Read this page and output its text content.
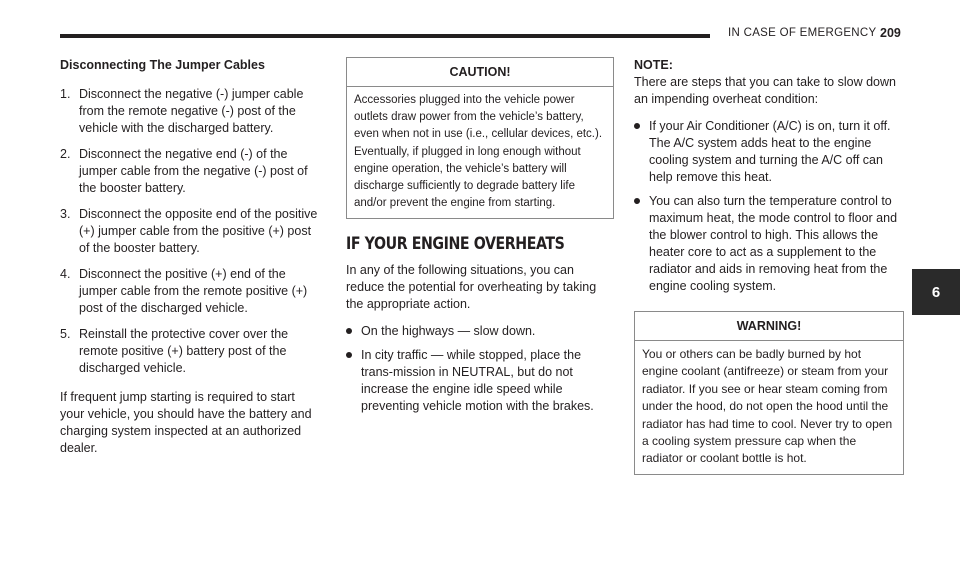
IN CASE OF EMERGENCY 209
6
Disconnecting The Jumper Cables
1. Disconnect the negative (-) jumper cable from the remote negative (-) post of the vehicle with the discharged battery.
2. Disconnect the negative end (-) of the jumper cable from the negative (-) post of the booster battery.
3. Disconnect the opposite end of the positive (+) jumper cable from the positive (+) post of the booster battery.
4. Disconnect the positive (+) end of the jumper cable from the remote positive (+) post of the discharged vehicle.
5. Reinstall the protective cover over the remote positive (+) battery post of the discharged vehicle.

If frequent jump starting is required to start your vehicle, you should have the battery and charging system inspected at an authorized dealer.

CAUTION!
Accessories plugged into the vehicle power outlets draw power from the vehicle’s battery, even when not in use (i.e., cellular devices, etc.). Eventually, if plugged in long enough without engine operation, the vehicle’s battery will discharge sufficiently to degrade battery life and/or prevent the engine from starting.
IF YOUR ENGINE OVERHEATS

In any of the following situations, you can reduce the potential for overheating by taking the appropriate action.

On the highways — slow down.
In city traffic — while stopped, place the trans-mission in NEUTRAL, but do not increase the engine idle speed while preventing vehicle motion with the brakes.
NOTE:

There are steps that you can take to slow down an impending overheat condition:

If your Air Conditioner (A/C) is on, turn it off. The A/C system adds heat to the engine cooling system and turning the A/C off can help remove this heat.
You can also turn the temperature control to maximum heat, the mode control to floor and the blower control to high. This allows the heater core to act as a supplement to the radiator and aids in removing heat from the engine cooling system.
WARNING!
You or others can be badly burned by hot engine coolant (antifreeze) or steam from your radiator. If you see or hear steam coming from under the hood, do not open the hood until the radiator has had time to cool. Never try to open a cooling system pressure cap when the radiator or coolant bottle is hot.
